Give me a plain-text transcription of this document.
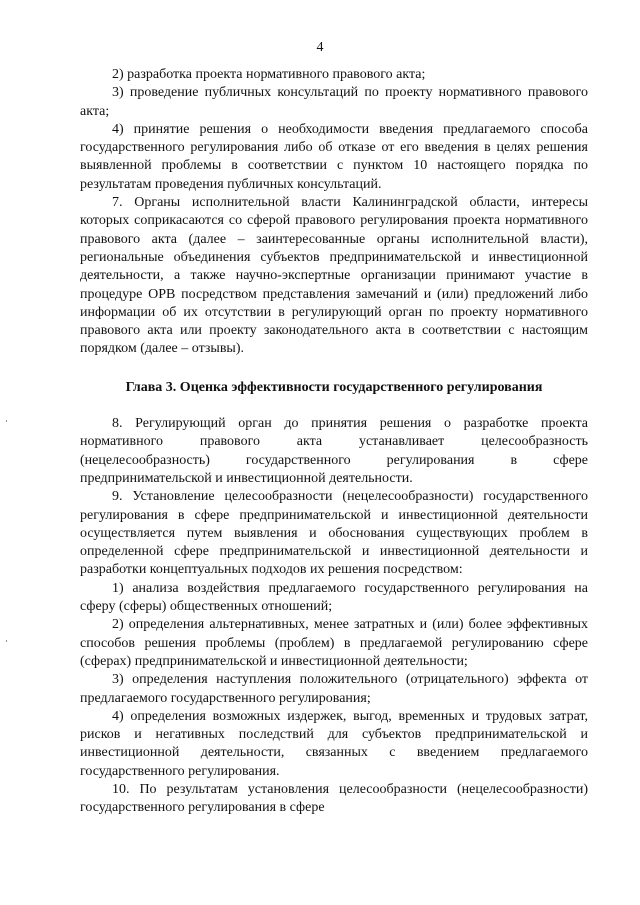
4

2) разработка проекта нормативного правового акта;

3) проведение публичных консультаций по проекту нормативного правового акта;

4) принятие решения о необходимости введения предлагаемого способа государственного регулирования либо об отказе от его введения в целях решения выявленной проблемы в соответствии с пунктом 10 настоящего порядка по результатам проведения публичных консультаций.

7. Органы исполнительной власти Калининградской области, интересы которых соприкасаются со сферой правового регулирования проекта нормативного правового акта (далее – заинтересованные органы исполнительной власти), региональные объединения субъектов предпринимательской и инвестиционной деятельности, а также научно-экспертные организации принимают участие в процедуре ОРВ посредством представления замечаний и (или) предложений либо информации об их отсутствии в регулирующий орган по проекту нормативного правового акта или проекту законодательного акта в соответствии с настоящим порядком (далее – отзывы).

Глава 3. Оценка эффективности государственного регулирования

8. Регулирующий орган до принятия решения о разработке проекта нормативного правового акта устанавливает целесообразность (нецелесообразность) государственного регулирования в сфере предпринимательской и инвестиционной деятельности.

9. Установление целесообразности (нецелесообразности) государственного регулирования в сфере предпринимательской и инвестиционной деятельности осуществляется путем выявления и обоснования существующих проблем в определенной сфере предпринимательской и инвестиционной деятельности и разработки концептуальных подходов их решения посредством:

1) анализа воздействия предлагаемого государственного регулирования на сферу (сферы) общественных отношений;

2) определения альтернативных, менее затратных и (или) более эффективных способов решения проблемы (проблем) в предлагаемой регулированию сфере (сферах) предпринимательской и инвестиционной деятельности;

3) определения наступления положительного (отрицательного) эффекта от предлагаемого государственного регулирования;

4) определения возможных издержек, выгод, временных и трудовых затрат, рисков и негативных последствий для субъектов предпринимательской и инвестиционной деятельности, связанных с введением предлагаемого государственного регулирования.

10. По результатам установления целесообразности (нецелесообразности) государственного регулирования в сфере
